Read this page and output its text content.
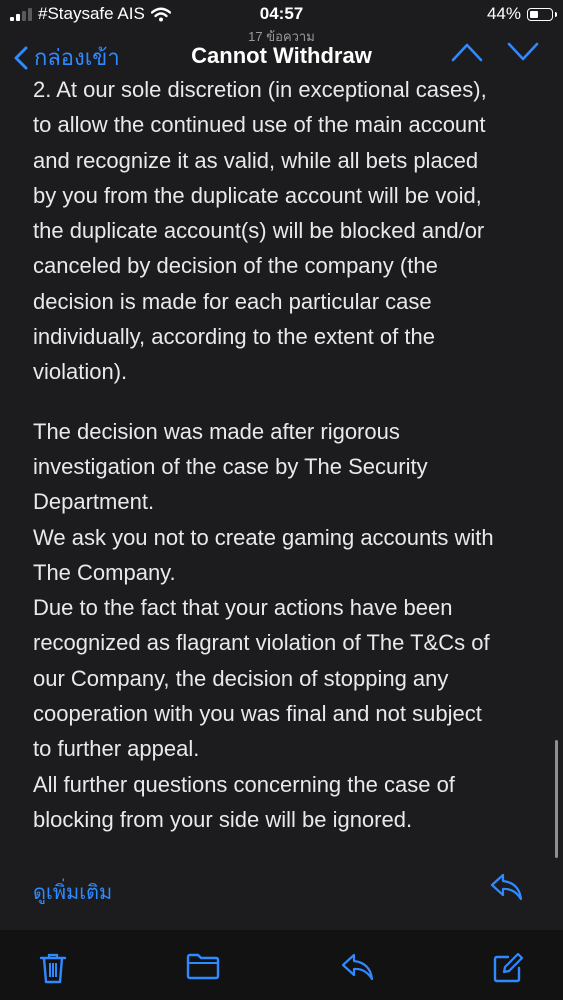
#Staysafe AIS	04:57	44%
กล่องเข้า
17 ข้อความ
Cannot Withdraw

2. At our sole discretion (in exceptional cases),
to allow the continued use of the main account
and recognize it as valid, while all bets placed
by you from the duplicate account will be void,
the duplicate account(s) will be blocked and/or
canceled by decision of the company (the
decision is made for each particular case
individually, according to the extent of the
violation).

The decision was made after rigorous
investigation of the case by The Security
Department.
We ask you not to create gaming accounts with
The Company.
Due to the fact that your actions have been
recognized as flagrant violation of The T&Cs of
our Company, the decision of stopping any
cooperation with you was final and not subject
to further appeal.
All further questions concerning the case of
blocking from your side will be ignored.

ดูเพิ่มเติม
